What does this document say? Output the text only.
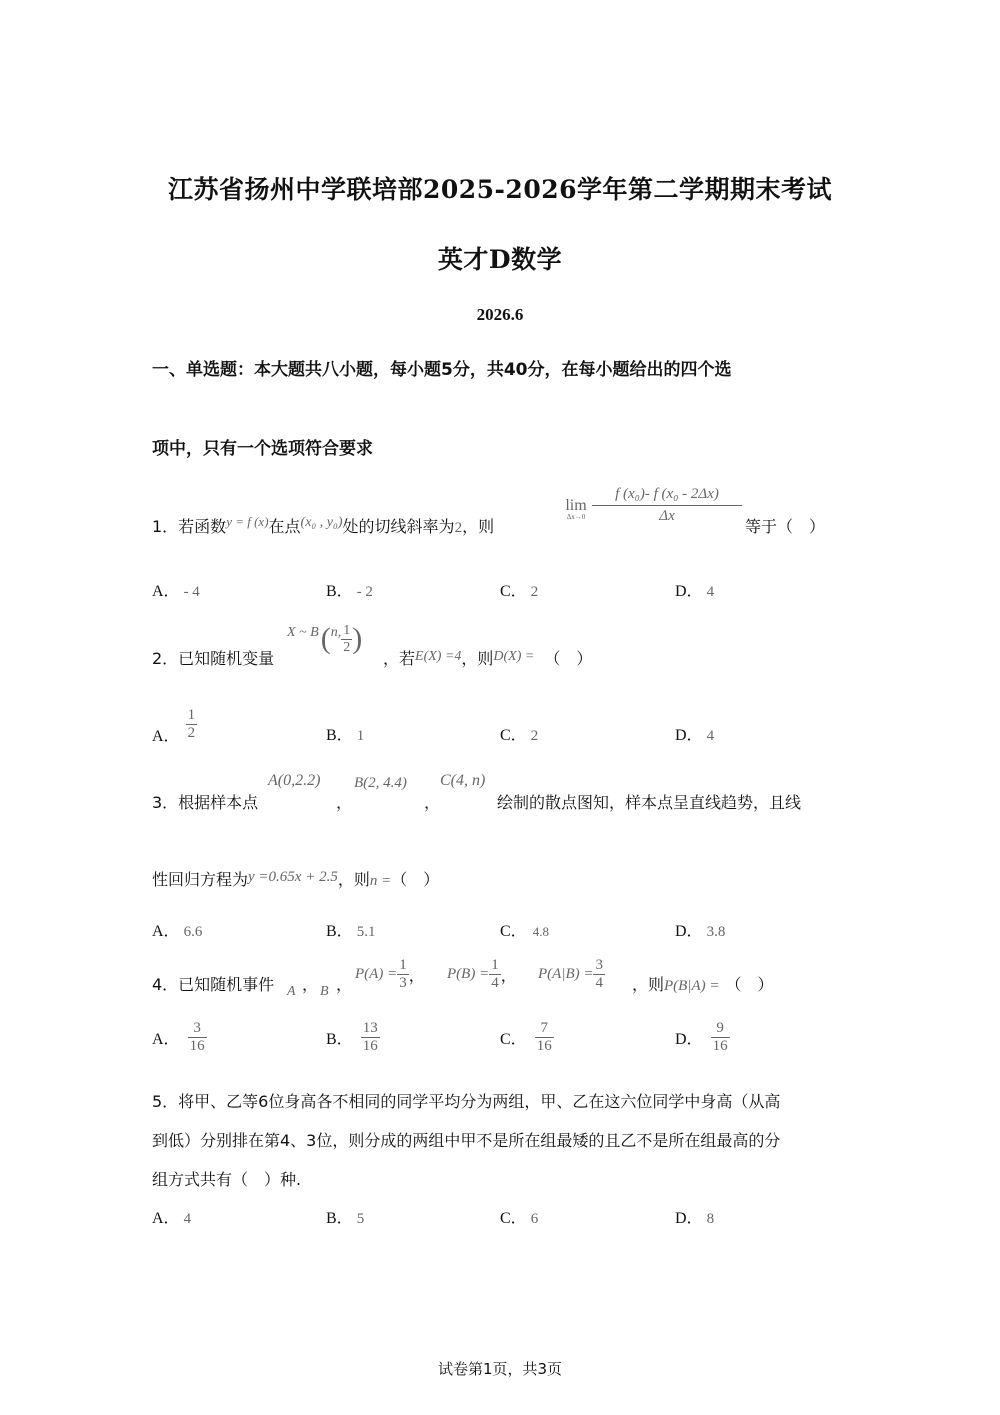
江苏省扬州中学联培部2025-2026学年第二学期期末考试
英才D数学
2026.6
一、单选题：本大题共八小题，每小题5分，共40分，在每小题给出的四个选
项中，只有一个选项符合要求
1．若函数$^{y = f (x)}$在点(x₀ , y₀)处的切线斜率为2，则
lim
Δx→0
f (x₀)- f (x₀ - 2Δx)
Δx
等于（　）
A． - 4	B． - 2	C． 2	D． 4
2．已知随机变量
X ~ B ( n, $\frac{1}{2}$ )
，若E(X) =4，则D(X) = （　）
A． $\frac{1}{2}$	B． 1	C． 2	D． 4
3．根据样本点
A(0,2.2)
，
B(2, 4.4)
，
C(4, n)
绘制的散点图知，样本点呈直线趋势，且线
性回归方程为y =0.65x + 2.5，则n =（　）
A． 6.6	B． 5.1	C． 4.8	D． 3.8
4．已知随机事件 A ， B ，
$P(A) = \frac{1}{3}$ ， $P(B) = \frac{1}{4}$ ， $P(A|B) = \frac{3}{4}$ ，则P(B|A) = （　）
A． $\frac{3}{16}$	B． $\frac{13}{16}$	C． $\frac{7}{16}$	D． $\frac{9}{16}$
5．将甲、乙等6位身高各不相同的同学平均分为两组，甲、乙在这六位同学中身高（从高
到低）分别排在第4、3位，则分成的两组中甲不是所在组最矮的且乙不是所在组最高的分
组方式共有（　）种.
A． 4	B． 5	C． 6	D． 8
试卷第1页，共3页
